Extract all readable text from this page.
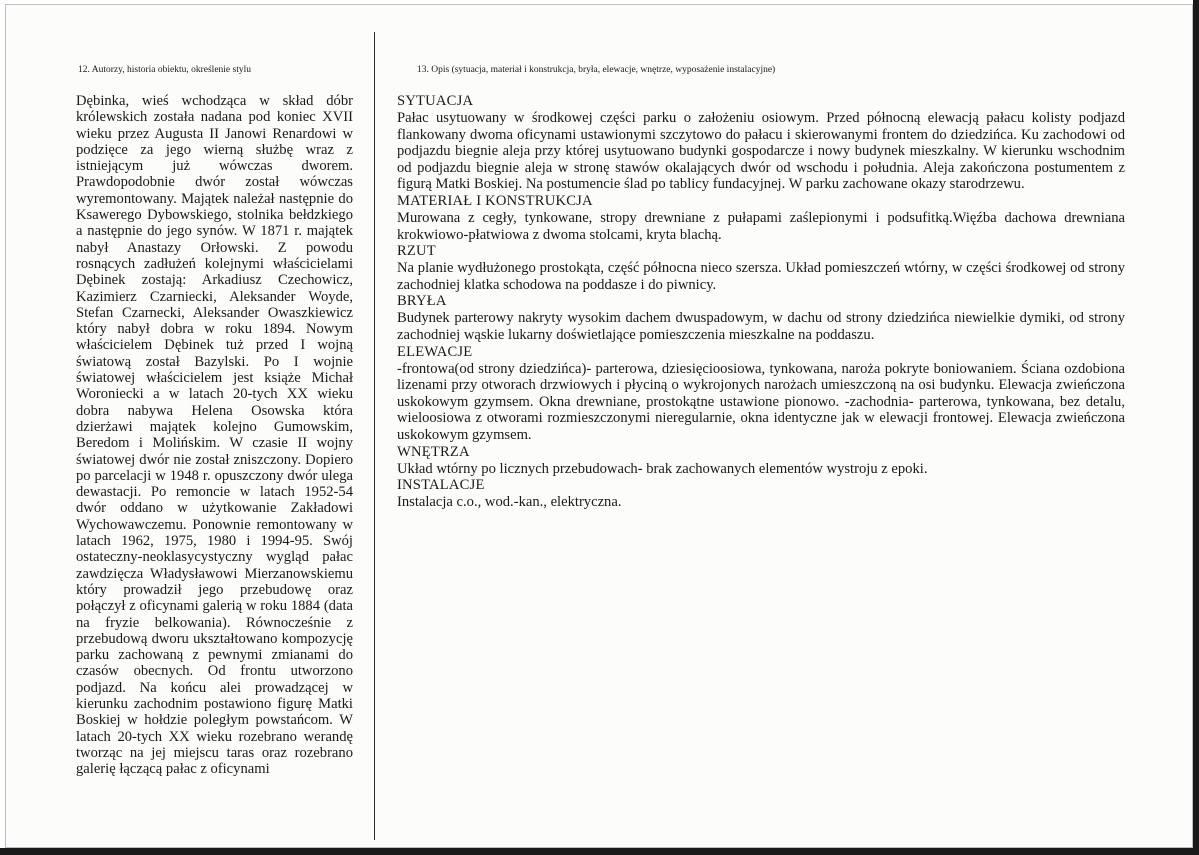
12. Autorzy, historia obiektu, określenie stylu

Dębinka, wieś wchodząca w skład dóbr królewskich została nadana pod koniec XVII wieku przez Augusta II Janowi Renardowi w podzięce za jego wierną służbę wraz z istniejącym już wówczas dworem. Prawdopodobnie dwór został wówczas wyremontowany. Majątek należał następnie do Ksawerego Dybowskiego, stolnika bełdzkiego a następnie do jego synów. W 1871 r. majątek nabył Anastazy Orłowski. Z powodu rosnących zadłużeń kolejnymi właścicielami Dębinek zostają: Arkadiusz Czechowicz, Kazimierz Czarniecki, Aleksander Woyde, Stefan Czarnecki, Aleksander Owaszkiewicz który nabył dobra w roku 1894. Nowym właścicielem Dębinek tuż przed I wojną światową został Bazylski. Po I wojnie światowej właścicielem jest książe Michał Woroniecki a w latach 20-tych XX wieku dobra nabywa Helena Osowska która dzierżawi majątek kolejno Gumowskim, Beredom i Molińskim. W czasie II wojny światowej dwór nie został zniszczony. Dopiero po parcelacji w 1948 r. opuszczony dwór ulega dewastacji. Po remoncie w latach 1952-54 dwór oddano w użytkowanie Zakładowi Wychowawczemu. Ponownie remontowany w latach 1962, 1975, 1980 i 1994-95. Swój ostateczny-neoklasycystyczny wygląd pałac zawdzięcza Władysławowi Mierzanowskiemu który prowadził jego przebudowę oraz połączył z oficynami galerią w roku 1884 (data na fryzie belkowania). Równocześnie z przebudową dworu ukształtowano kompozycję parku zachowaną z pewnymi zmianami do czasów obecnych. Od frontu utworzono podjazd. Na końcu alei prowadzącej w kierunku zachodnim postawiono figurę Matki Boskiej w hołdzie poległym powstańcom. W latach 20-tych XX wieku rozebrano werandę tworząc na jej miejscu taras oraz rozebrano galerię łączącą pałac z oficynami

13. Opis (sytuacja, materiał i konstrukcja, bryła, elewacje, wnętrze, wyposażenie instalacyjne)
SYTUACJA

Pałac usytuowany w środkowej części parku o założeniu osiowym. Przed północną elewacją pałacu kolisty podjazd flankowany dwoma oficynami ustawionymi szczytowo do pałacu i skierowanymi frontem do dziedzińca. Ku zachodowi od podjazdu biegnie aleja przy której usytuowano budynki gospodarcze i nowy budynek mieszkalny. W kierunku wschodnim od podjazdu biegnie aleja w stronę stawów okalających dwór od wschodu i południa. Aleja zakończona postumentem z figurą Matki Boskiej. Na postumencie ślad po tablicy fundacyjnej. W parku zachowane okazy starodrzewu.

MATERIAŁ I KONSTRUKCJA

Murowana z cegły, tynkowane, stropy drewniane z pułapami zaślepionymi i podsufitką.Więźba dachowa drewniana krokwiowo-płatwiowa z dwoma stolcami, kryta blachą.

RZUT

Na planie wydłużonego prostokąta, część północna nieco szersza. Układ pomieszczeń wtórny, w części środkowej od strony zachodniej klatka schodowa na poddasze i do piwnicy.

BRYŁA

Budynek parterowy nakryty wysokim dachem dwuspadowym, w dachu od strony dziedzińca niewielkie dymiki, od strony zachodniej wąskie lukarny doświetlające pomieszczenia mieszkalne na poddaszu.

ELEWACJE

-frontowa(od strony dziedzińca)- parterowa, dziesięcioosiowa, tynkowana, naroża pokryte boniowaniem. Ściana ozdobiona lizenami przy otworach drzwiowych i płyciną o wykrojonych narożach umieszczoną na osi budynku. Elewacja zwieńczona uskokowym gzymsem. Okna drewniane, prostokątne ustawione pionowo. -zachodnia- parterowa, tynkowana, bez detalu, wieloosiowa z otworami rozmieszczonymi nieregularnie, okna identyczne jak w elewacji frontowej. Elewacja zwieńczona uskokowym gzymsem.

WNĘTRZA

Układ wtórny po licznych przebudowach- brak zachowanych elementów wystroju z epoki.

INSTALACJE

Instalacja c.o., wod.-kan., elektryczna.
